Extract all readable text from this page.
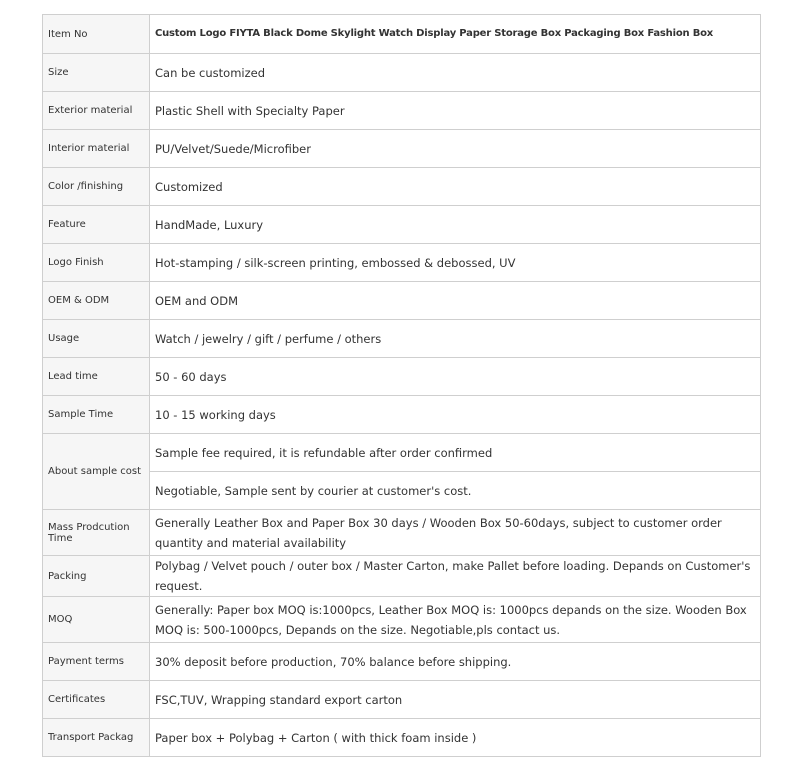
Item No	Custom Logo FIYTA Black Dome Skylight Watch Display Paper Storage Box Packaging Box Fashion Box
Size	Can be customized
Exterior material	Plastic Shell with Specialty Paper
Interior material	PU/Velvet/Suede/Microfiber
Color /finishing	Customized
Feature	HandMade, Luxury
Logo Finish	Hot-stamping / silk-screen printing, embossed & debossed, UV
OEM & ODM	OEM and ODM
Usage	Watch / jewelry / gift / perfume / others
Lead time	50 - 60 days
Sample Time	10 - 15 working days
About sample cost	Sample fee required, it is refundable after order confirmed
	Negotiable, Sample sent by courier at customer's cost.
Mass Prodcution Time	Generally Leather Box and Paper Box 30 days / Wooden Box 50-60days, subject to customer order quantity and material availability
Packing	Polybag / Velvet pouch / outer box / Master Carton, make Pallet before loading. Depands on Customer's request.
MOQ	Generally: Paper box MOQ is:1000pcs, Leather Box MOQ is: 1000pcs depands on the size. Wooden Box MOQ is: 500-1000pcs, Depands on the size. Negotiable,pls contact us.
Payment terms	30% deposit before production, 70% balance before shipping.
Certificates	FSC,TUV, Wrapping standard export carton
Transport Packag	Paper box + Polybag + Carton ( with thick foam inside )
